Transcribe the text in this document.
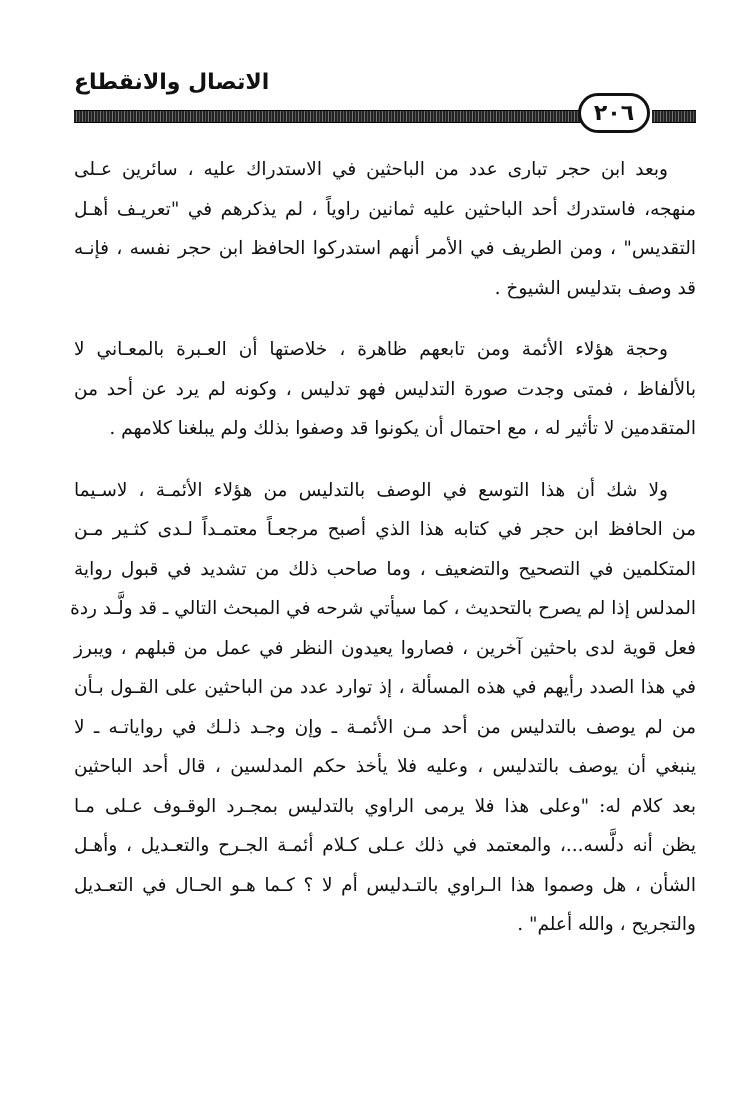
الاتصال والانقطاع
٢٠٦
وبعد ابن حجر تبارى عدد من الباحثين في الاستدراك عليه ، سائرين عـلى
منهجه، فاستدرك أحد الباحثين عليه ثمانين راوياً ، لم يذكرهم في "تعريـف أهـل
التقديس" ، ومن الطريف في الأمر أنهم استدركوا الحافظ ابن حجر نفسه ، فإنـه
قد وصف بتدليس الشيوخ .
وحجة هؤلاء الأئمة ومن تابعهم ظاهرة ، خلاصتها أن العـبرة بالمعـاني لا
بالألفاظ ، فمتى وجدت صورة التدليس فهو تدليس ، وكونه لم يرد عن أحد من
المتقدمين لا تأثير له ، مع احتمال أن يكونوا قد وصفوا بذلك ولم يبلغنا كلامهم .
ولا شك أن هذا التوسع في الوصف بالتدليس من هؤلاء الأئمـة ، لاسـيما
من الحافظ ابن حجر في كتابه هذا الذي أصبح مرجعـاً معتمـداً لـدى كثـير مـن
المتكلمين في التصحيح والتضعيف ، وما صاحب ذلك من تشديد في قبول رواية
المدلس إذا لم يصرح بالتحديث ، كما سيأتي شرحه في المبحث التالي ـ قد ولَّـد ردة
فعل قوية لدى باحثين آخرين ، فصاروا يعيدون النظر في عمل من قبلهم ، ويبرز
في هذا الصدد رأيهم في هذه المسألة ، إذ توارد عدد من الباحثين على القـول بـأن
من لم يوصف بالتدليس من أحد مـن الأئمـة ـ وإن وجـد ذلـك في رواياتـه ـ لا
ينبغي أن يوصف بالتدليس ، وعليه فلا يأخذ حكم المدلسين ، قال أحد الباحثين
بعد كلام له: "وعلى هذا فلا يرمى الراوي بالتدليس بمجـرد الوقـوف عـلى مـا
يظن أنه دلَّسه...، والمعتمد في ذلك عـلى كـلام أئمـة الجـرح والتعـديل ، وأهـل
الشأن ، هل وصموا هذا الـراوي بالتـدليس أم لا ؟ كـما هـو الحـال في التعـديل
والتجريح ، والله أعلم" .
